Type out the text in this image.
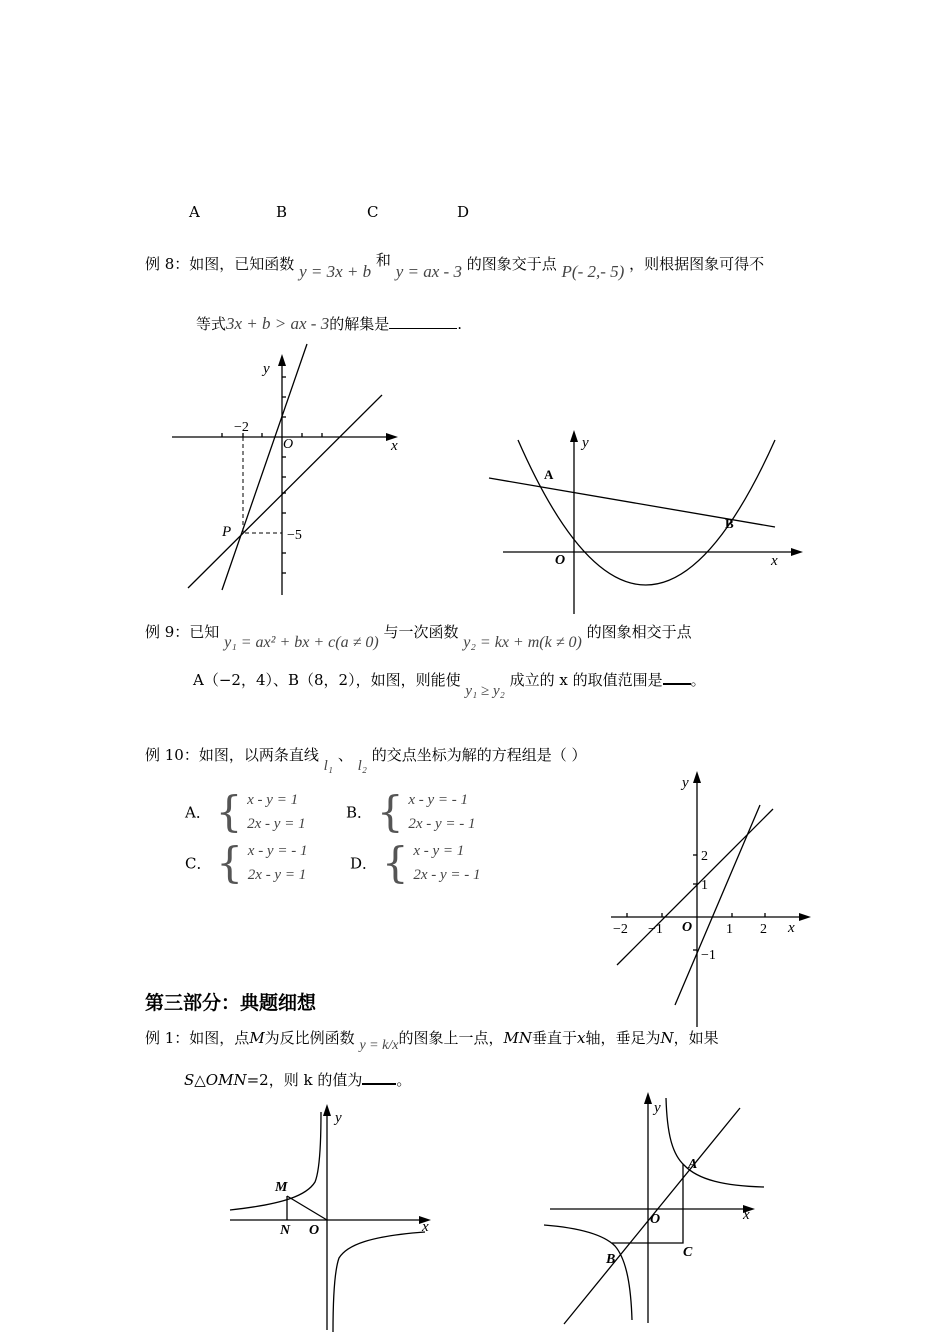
A	B	C	D
例 8：如图，已知函数 y = 3x + b 和 y = ax - 3 的图象交于点 P(- 2,- 5) ，则根据图象可得不
等式3x + b > ax - 3的解集是	.
y
x
O
−2
−5
P
y
x
O
A
B
例 9：已知 y₁ = ax² + bx + c(a ≠ 0) 与一次函数 y₂ = kx + m(k ≠ 0) 的图象相交于点
A（−2，4）、B（8，2），如图，则能使 y₁ ≥ y₂ 成立的 x 的取值范围是 。
例 10：如图，以两条直线 l₁ 、 l₂ 的交点坐标为解的方程组是（ ）
A． { x - y = 1
2x - y = 1
B． { x - y = - 1
2x - y = - 1
C． { x - y = - 1
2x - y = 1
D． { x - y = 1
2x - y = - 1
y
x
O
2
1
−1
−2 −1	1 2
第三部分：典题细想
例 1：如图，点M为反比例函数 y = k/x的图象上一点，MN垂直于x轴，垂足为N，如果
S△OMN=2，则 k 的值为 。
y
x
O
M
N
y
x
O
A
B	C
